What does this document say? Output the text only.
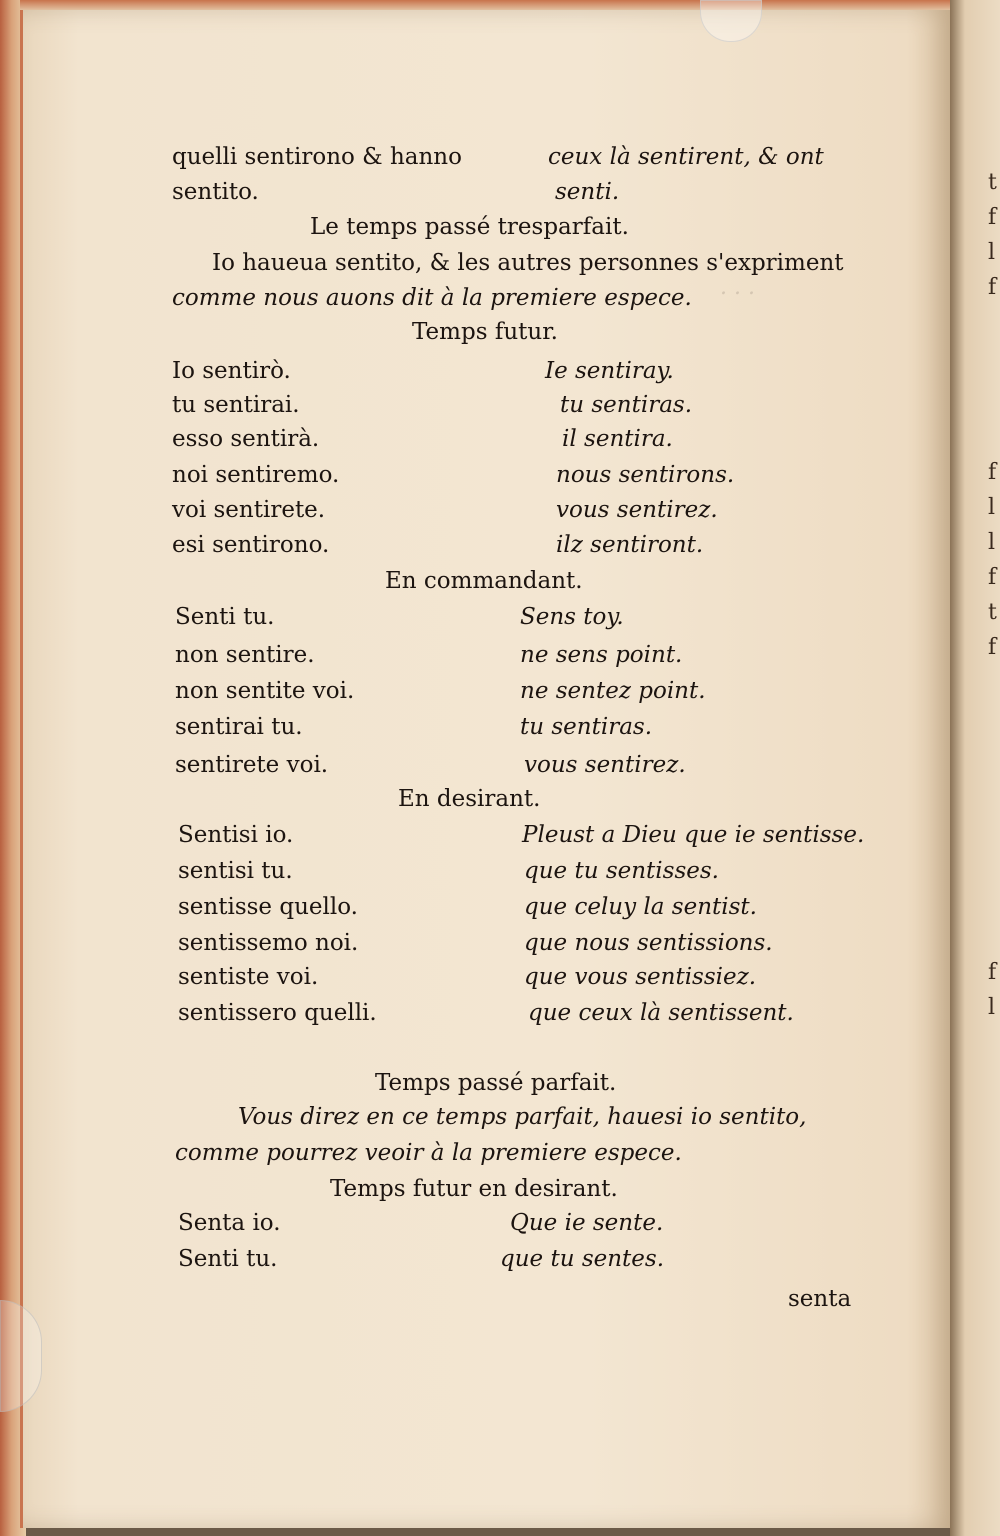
. . .
quelli sentirono & hanno	ceux là sentirent, & ont
sentito.	senti.
Le temps passé tresparfait.
Io haueua sentito, & les autres personnes s'expriment
comme nous auons dit à la premiere espece.
Temps futur.
Io sentirò.	Ie sentiray.
tu sentirai.	tu sentiras.
esso sentirà.	il sentira.
noi sentiremo.	nous sentirons.
voi sentirete.	vous sentirez.
esi sentirono.	ilz sentiront.
En commandant.
Senti tu.	Sens toy.
non sentire.	ne sens point.
non sentite voi.	ne sentez point.
sentirai tu.	tu sentiras.
sentirete voi.	vous sentirez.
En desirant.
Sentisi io.	Pleust a Dieu que ie sentisse.
sentisi tu.	que tu sentisses.
sentisse quello.	que celuy la sentist.
sentissemo noi.	que nous sentissions.
sentiste voi.	que vous sentissiez.
sentissero quelli.	que ceux là sentissent.
Temps passé parfait.
Vous direz en ce temps parfait, hauesi io sentito,
comme pourrez veoir à la premiere espece.
Temps futur en desirant.
Senta io.	Que ie sente.
Senti tu.	que tu sentes.
senta
t
f
l
f
f
l
l
f
t
f
f
l
